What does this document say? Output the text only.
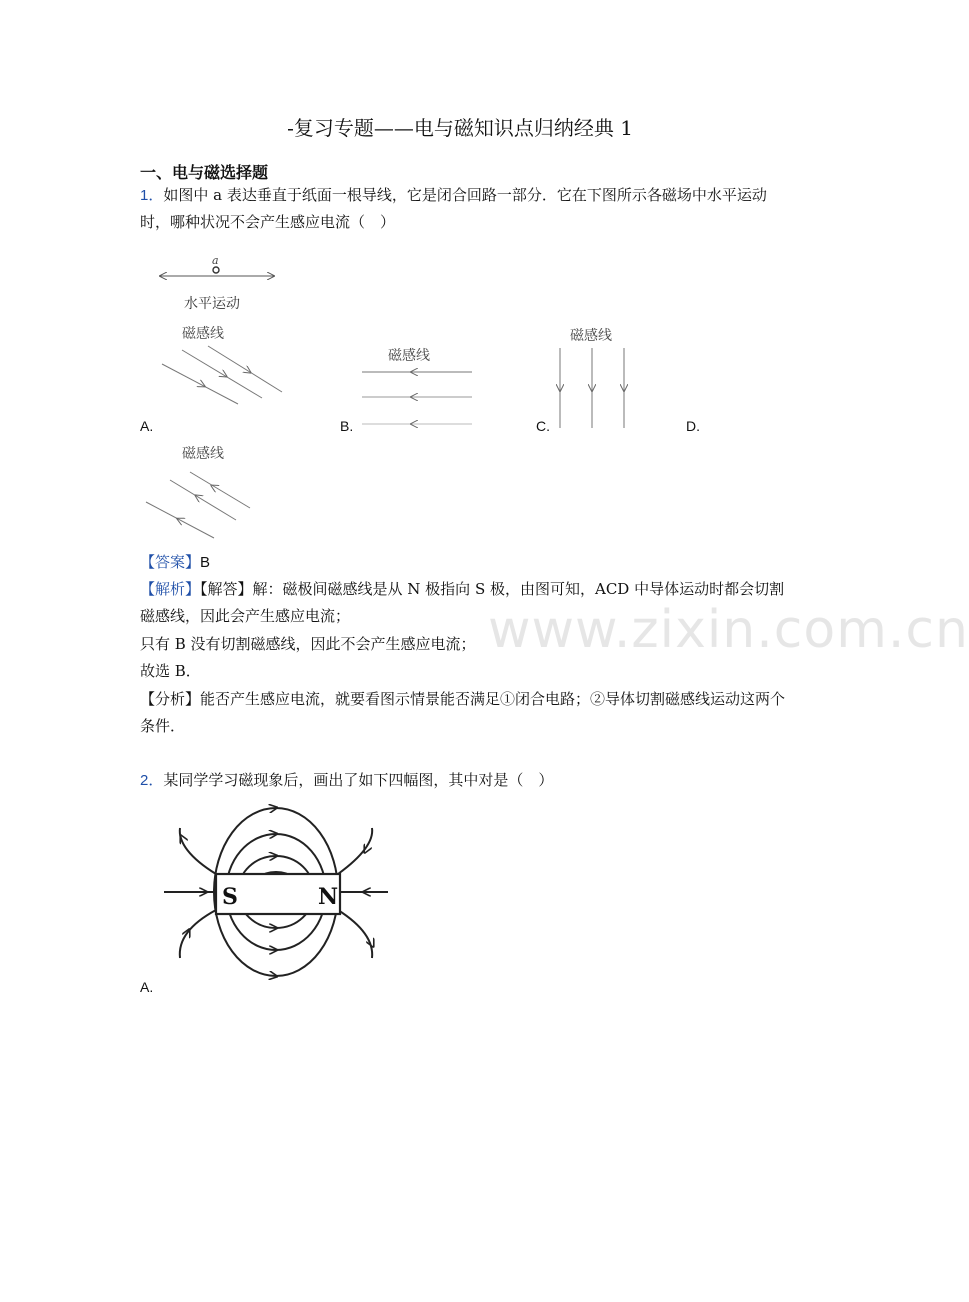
-复习专题——电与磁知识点归纳经典 1
一、电与磁选择题
1．如图中 a 表达垂直于纸面一根导线，它是闭合回路一部分．它在下图所示各磁场中水平运动时，哪种状况不会产生感应电流（　）
a
水平运动
磁感线
磁感线
磁感线
A.	B.	C.	D.
磁感线
【答案】B
【解析】【解答】解：磁极间磁感线是从 N 极指向 S 极，由图可知，ACD 中导体运动时都会切割磁感线，因此会产生感应电流；
只有 B 没有切割磁感线，因此不会产生感应电流；
故选 B．
【分析】能否产生感应电流，就要看图示情景能否满足①闭合电路；②导体切割磁感线运动这两个条件．
www.zixin.com.cn
2．某同学学习磁现象后，画出了如下四幅图，其中对是（　）
S	N
A.
